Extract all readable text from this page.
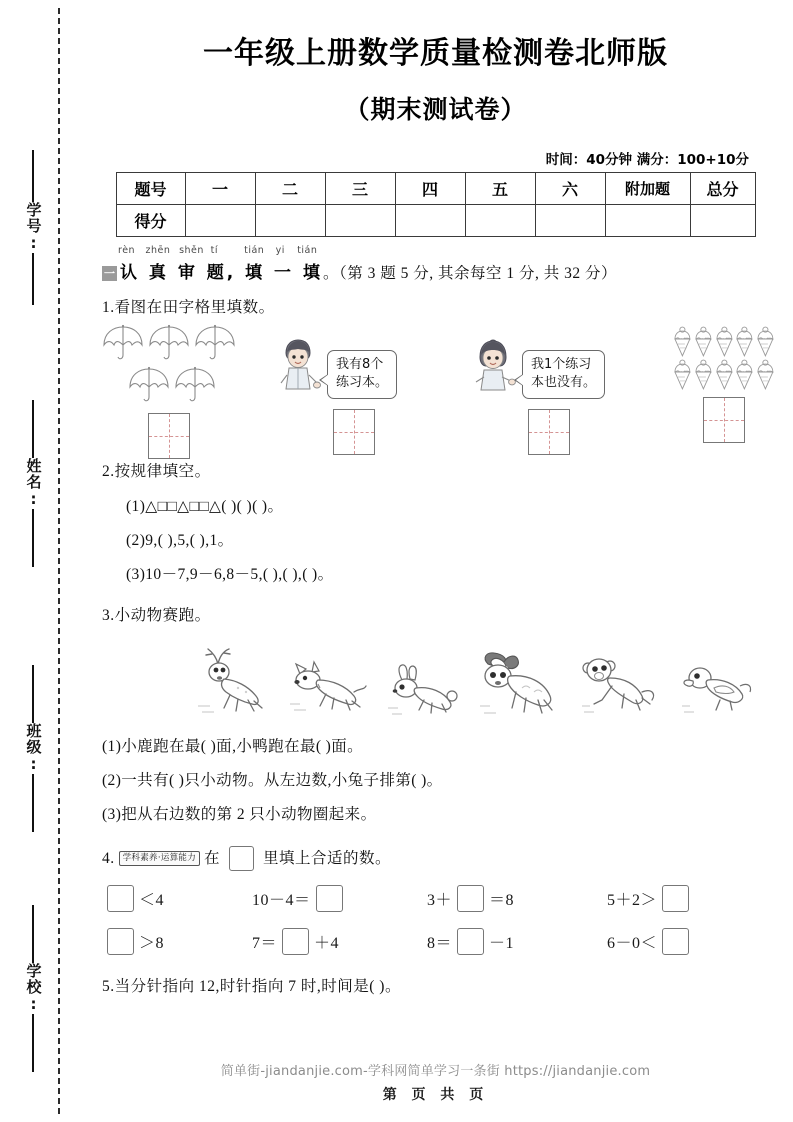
学号:
姓名:
班级:
学校:
一年级上册数学质量检测卷北师版
（期末测试卷）
时间：40分钟 满分：100+10分
题号	一	二	三	四	五	六	附加题	总分
得分								
rèn zhēn shěn tí	tián yi tián
一 认 真 审 题, 填 一 填 。（第 3 题 5 分, 其余每空 1 分, 共 32 分）
1.看图在田字格里填数。
我有8个
练习本。
我1个练习
本也没有。
2.按规律填空。
(1)△□□△□□△( )( )( )。
(2)9,( ),5,( ),1。
(3)10－7,9－6,8－5,( ),( ),( )。
3.小动物赛跑。
(1)小鹿跑在最( )面,小鸭跑在最( )面。
(2)一共有( )只小动物。从左边数,小兔子排第( )。
(3)把从右边数的第 2 只小动物圈起来。
4. 学科素养·运算能力 在	里填上合适的数。
＜4	10－4＝	3＋ ＝8	5＋2＞
＞8	7＝ ＋4	8＝ －1	6－0＜
5.当分针指向 12,时针指向 7 时,时间是( )。
简单街-jiandanjie.com-学科网简单学习一条街 https://jiandanjie.com
第 页 共 页
